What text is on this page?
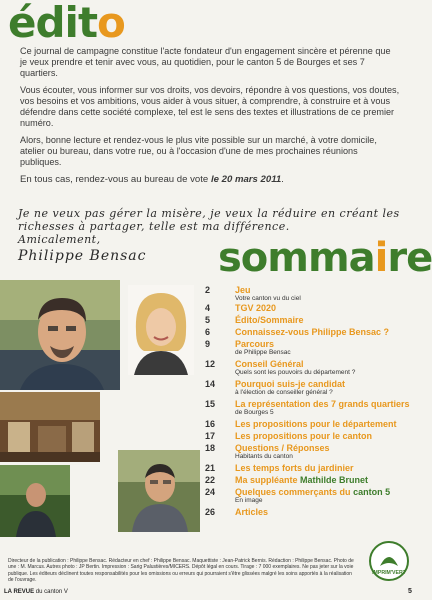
édito

Ce journal de campagne constitue l'acte fondateur d'un engagement sincère et pérenne que je veux prendre et tenir avec vous, au quotidien, pour le canton 5 de Bourges et ses 7 quartiers.

Vous écouter, vous informer sur vos droits, vos devoirs, répondre à vos questions, vos doutes, vos besoins et vos ambitions, vous aider à vous situer, à comprendre, à construire et à vous défendre dans cette société complexe, tel est le sens des textes et illustrations de ce premier numéro.

Alors, bonne lecture et rendez-vous le plus vite possible sur un marché, à votre domicile, atelier ou bureau, dans votre rue, ou à l'occasion d'une de mes prochaines réunions publiques.

En tous cas, rendez-vous au bureau de vote le 20 mars 2011.

Je ne veux pas gérer la misère, je veux la réduire en créant les richesses à partager, telle est ma différence.
Amicalement,
Philippe Bensac	sommaire
2	Jeu
Votre canton vu du ciel
4	TGV 2020
5	Édito/Sommaire
6	Connaissez-vous Philippe Bensac ?
9	Parcours
de Philippe Bensac
12	Conseil Général
Quels sont les pouvoirs du département ?
14	Pourquoi suis-je candidat
à l'élection de conseiller général ?
15	La représentation des 7 grands quartiers
de Bourges 5
16	Les propositions pour le département
17	Les propositions pour le canton
18	Questions / Réponses
Habitants du canton
21	Les temps forts du jardinier
22	Ma suppléante Mathilde Brunet
24	Quelques commerçants du canton 5
En image
26	Articles
Directeur de la publication : Philippe Bensac. Rédacteur en chef : Philippe Bensac. Maquettiste : Jean-Patrick Bernis. Rédaction : Philippe Bensac. Photo de une : M. Marcus. Autres photo : JP Bertin. Impression : Sarig Palustières/MICERS. Dépôt légal en cours. Tirage : 7 000 exemplaires. Ne pas jeter sur la voie publique. Les éditeurs déclinent toutes responsabilités pour les omissions ou erreurs qui pourraient s'être glissées malgré les soins apportés à la réalisation de l'ouvrage.
IMPRIM'VERT
LA REVUE du canton V	5
